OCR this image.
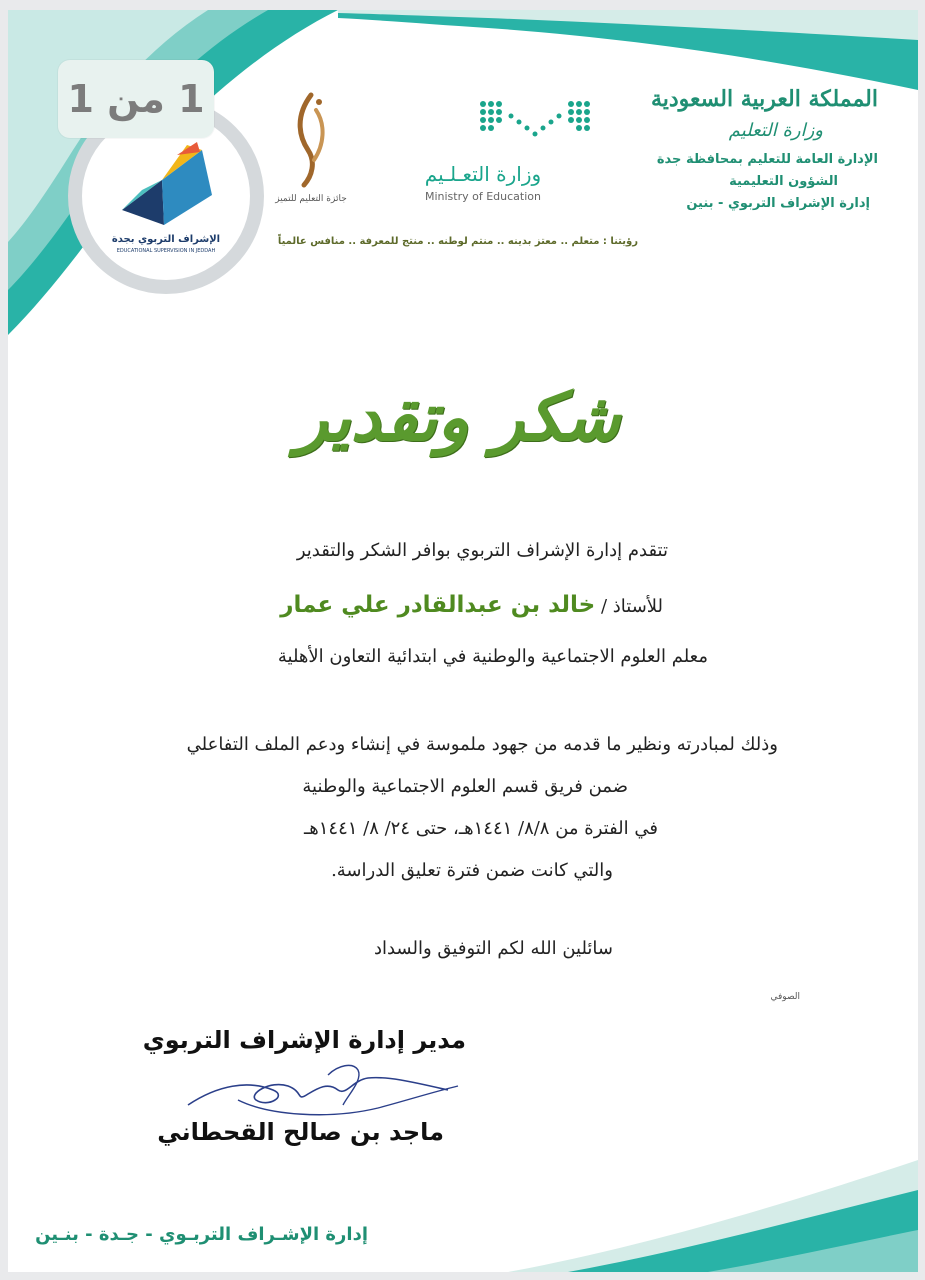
الإشراف التربوي بجدة
EDUCATIONAL SUPERVISION IN JEDDAH
1 من 1
جائزة التعليم للتميز
وزارة التعـلـيم
Ministry of Education
المملكة العربية السعودية
وزارة التعليم
الإدارة العامة للتعليم بمحافظة جدة
الشؤون التعليمية
إدارة الإشراف التربوي - بنين
رؤيتنا : متعلم .. معتز بدينه .. منتم لوطنه .. منتج للمعرفة .. منافس عالمياً
شكر وتقدير
تتقدم إدارة الإشراف التربوي بوافر الشكر والتقدير
للأستاذ / خالد بن عبدالقادر علي عمار
معلم العلوم الاجتماعية والوطنية في ابتدائية التعاون الأهلية
وذلك لمبادرته ونظير ما قدمه من جهود ملموسة في إنشاء ودعم الملف التفاعلي
ضمن فريق قسم العلوم الاجتماعية والوطنية
في الفترة من ٨/٨/ ١٤٤١هـ، حتى ٢٤/ ٨/ ١٤٤١هـ
والتي كانت ضمن فترة تعليق الدراسة.
سائلين الله لكم التوفيق والسداد
الصوفي
مدير إدارة الإشراف التربوي
ماجد بن صالح القحطاني
إدارة الإشـراف التربـوي - جـدة - بنـين
